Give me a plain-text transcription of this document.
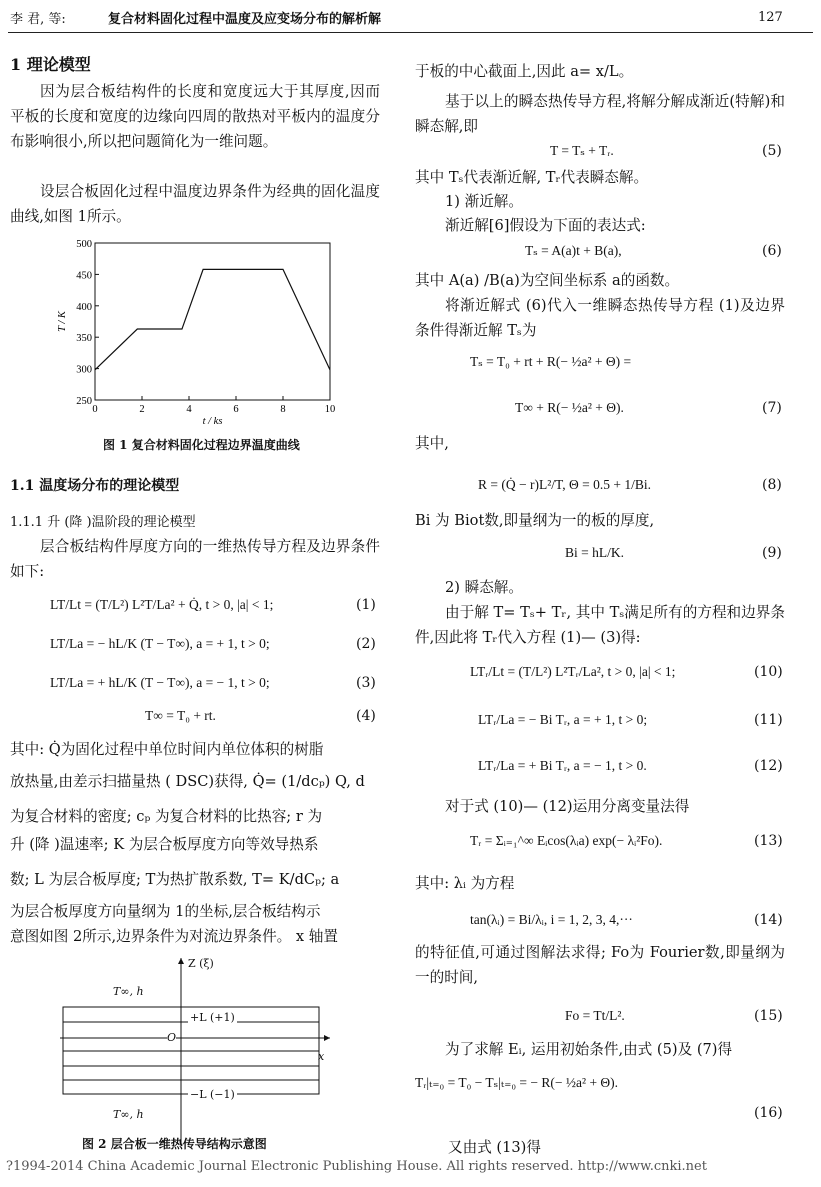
李 君, 等:	复合材料固化过程中温度及应变场分布的解析解	127
1 理论模型
因为层合板结构件的长度和宽度远大于其厚度,因而平板的长度和宽度的边缘向四周的散热对平板内的温度分布影响很小,所以把问题简化为一维问题。
设层合板固化过程中温度边界条件为经典的固化温度曲线,如图 1所示。
0	2	4	6	8	10
250
300
350
400
450
500
t / ks
T / K
图 1 复合材料固化过程边界温度曲线
1.1 温度场分布的理论模型
1.1.1 升 (降 )温阶段的理论模型
层合板结构件厚度方向的一维热传导方程及边界条件如下:
LT/Lt = (T/L²) L²T/La² + Q̇, t > 0, |a| < 1;	(1)
LT/La = − hL/K (T − T∞), a = + 1, t > 0;	(2)
LT/La = + hL/K (T − T∞), a = − 1, t > 0;	(3)
T∞ = T₀ + rt.	(4)
其中: Q̇为固化过程中单位时间内单位体积的树脂
放热量,由差示扫描量热 ( DSC)获得, Q̇= (1/dcₚ) Q, d
为复合材料的密度; cₚ 为复合材料的比热容; r 为
升 (降 )温速率; K 为层合板厚度方向等效导热系
数; L 为层合板厚度; T为热扩散系数, T= K/dCₚ; a
为层合板厚度方向量纲为 1的坐标,层合板结构示
意图如图 2所示,边界条件为对流边界条件。 x 轴置
Z (ξ)
T∞, h
+L (+1)
O
x
−L (−1)
T∞, h
图 2 层合板一维热传导结构示意图
于板的中心截面上,因此 a= x/L。
基于以上的瞬态热传导方程,将解分解成渐近(特解)和瞬态解,即
T = Tₛ + Tᵣ.	(5)
其中 Tₛ代表渐近解, Tᵣ代表瞬态解。
1) 渐近解。
渐近解[6]假设为下面的表达式:
Tₛ = A(a)t + B(a),	(6)
其中 A(a) /B(a)为空间坐标系 a的函数。
将渐近解式 (6)代入一维瞬态热传导方程 (1)及边界条件得渐近解 Tₛ为
Tₛ = T₀ + rt + R(− ½a² + Θ) =
T∞ + R(− ½a² + Θ).	(7)
其中,
R = (Q̇ − r)L²/T, Θ = 0.5 + 1/Bi.	(8)
Bi 为 Biot数,即量纲为一的板的厚度,
Bi = hL/K.	(9)
2) 瞬态解。
由于解 T= Tₛ+ Tᵣ, 其中 Tₛ满足所有的方程和边界条件,因此将 Tᵣ代入方程 (1)— (3)得:
LTᵣ/Lt = (T/L²) L²Tᵣ/La², t > 0, |a| < 1;	(10)
LTᵣ/La = − Bi Tᵣ, a = + 1, t > 0;	(11)
LTᵣ/La = + Bi Tᵣ, a = − 1, t > 0.	(12)
对于式 (10)— (12)运用分离变量法得
Tᵣ = Σᵢ₌₁^∞ Eᵢcos(λᵢa) exp(− λᵢ²Fo).	(13)
其中: λᵢ 为方程
tan(λᵢ) = Bi/λᵢ, i = 1, 2, 3, 4,···	(14)
的特征值,可通过图解法求得; Fo为 Fourier数,即量纲为一的时间,
Fo = Tt/L².	(15)
为了求解 Eᵢ, 运用初始条件,由式 (5)及 (7)得
Tᵣ|ₜ₌₀ = T₀ − Tₛ|ₜ₌₀ = − R(− ½a² + Θ).
(16)
又由式 (13)得
?1994-2014 China Academic Journal Electronic Publishing House. All rights reserved. http://www.cnki.net
